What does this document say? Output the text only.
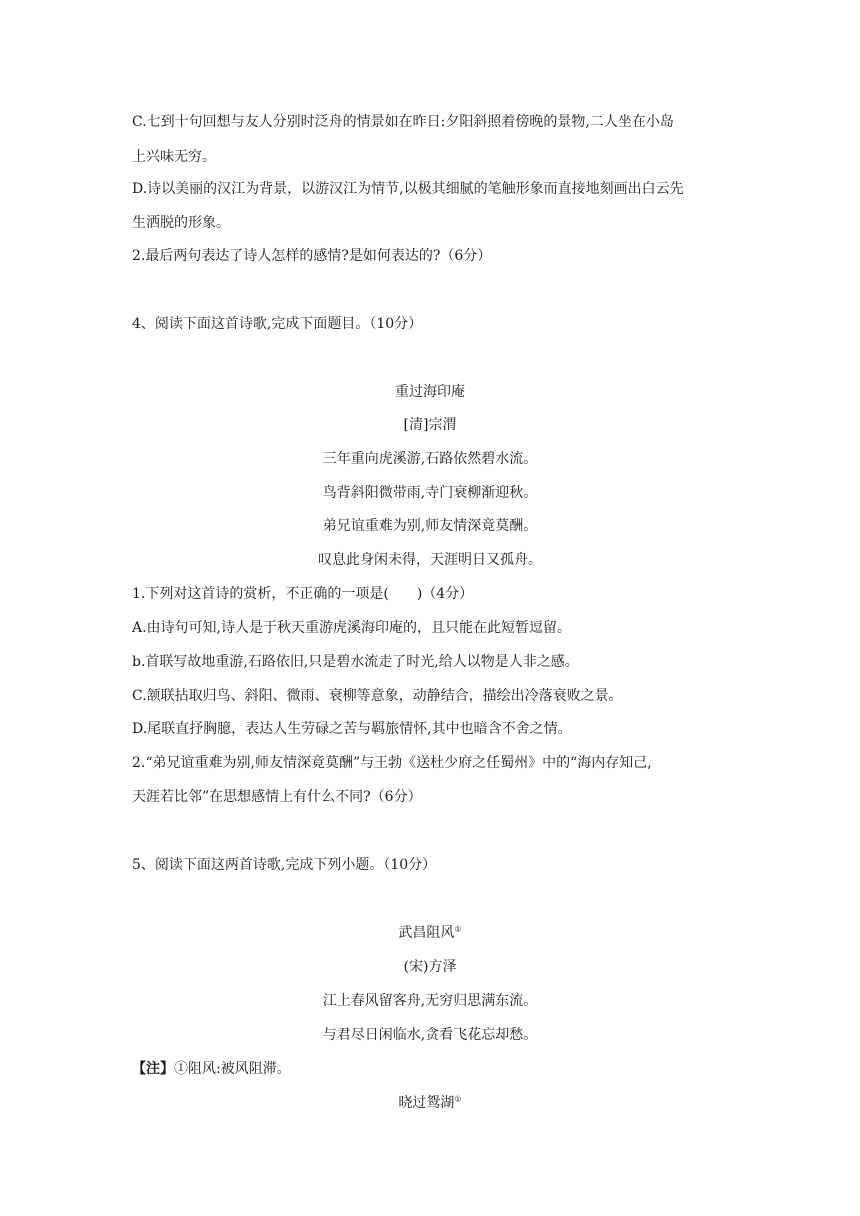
C.七到十句回想与友人分别时泛舟的情景如在昨日:夕阳斜照着傍晚的景物,二人坐在小岛
上兴味无穷。
D.诗以美丽的汉江为背景，以游汉江为情节,以极其细腻的笔触形象而直接地刻画出白云先
生洒脱的形象。
2.最后两句表达了诗人怎样的感情?是如何表达的?（6分）
4、阅读下面这首诗歌,完成下面题目。（10分）
重过海印庵
[清]宗渭
三年重向虎溪游,石路依然碧水流。
鸟背斜阳微带雨,寺门衰柳渐迎秋。
弟兄谊重难为别,师友情深竟莫酬。
叹息此身闲未得，天涯明日又孤舟。
1.下列对这首诗的赏析，不正确的一项是(　　)（4分）
A.由诗句可知,诗人是于秋天重游虎溪海印庵的，且只能在此短暂逗留。
b.首联写故地重游,石路依旧,只是碧水流走了时光,给人以物是人非之感。
C.颔联拈取归鸟、斜阳、微雨、衰柳等意象，动静结合，描绘出冷落衰败之景。
D.尾联直抒胸臆，表达人生劳碌之苦与羁旅情怀,其中也暗含不舍之情。
2.“弟兄谊重难为别,师友情深竟莫酬”与王勃《送杜少府之任蜀州》中的“海内存知己,
天涯若比邻”在思想感情上有什么不同?（6分）
5、阅读下面这两首诗歌,完成下列小题。（10分）
武昌阻风①
(宋)方泽
江上春风留客舟,无穷归思满东流。
与君尽日闲临水,贪看飞花忘却愁。
【注】①阻风:被风阻滞。
晓过鸳湖①
